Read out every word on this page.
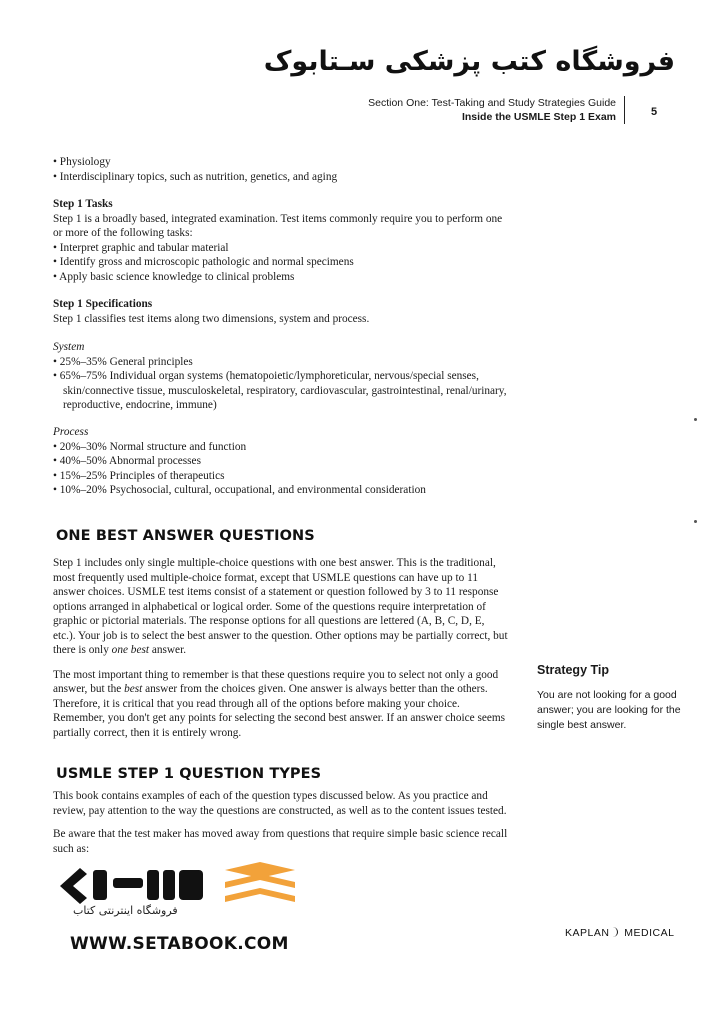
فروشگاه کتب پزشکی سـتابوک
Section One: Test-Taking and Study Strategies Guide
Inside the USMLE Step 1 Exam	5

• Physiology

• Interdisciplinary topics, such as nutrition, genetics, and aging

Step 1 Tasks

Step 1 is a broadly based, integrated examination. Test items commonly require you to perform one or more of the following tasks:

• Interpret graphic and tabular material

• Identify gross and microscopic pathologic and normal specimens

• Apply basic science knowledge to clinical problems

Step 1 Specifications

Step 1 classifies test items along two dimensions, system and process.

System

• 25%–35% General principles

• 65%–75% Individual organ systems (hematopoietic/lymphoreticular, nervous/special senses, skin/connective tissue, musculoskeletal, respiratory, cardiovascular, gastrointestinal, renal/urinary, reproductive, endocrine, immune)

Process

• 20%–30% Normal structure and function

• 40%–50% Abnormal processes

• 15%–25% Principles of therapeutics

• 10%–20% Psychosocial, cultural, occupational, and environmental consideration

ONE BEST ANSWER QUESTIONS

Step 1 includes only single multiple-choice questions with one best answer. This is the traditional, most frequently used multiple-choice format, except that USMLE questions can have up to 11 answer choices. USMLE test items consist of a statement or question followed by 3 to 11 response options arranged in alphabetical or logical order. Some of the questions require interpretation of graphic or pictorial materials. The response options for all questions are lettered (A, B, C, D, E, etc.). Your job is to select the best answer to the question. Other options may be partially correct, but there is only one best answer.

The most important thing to remember is that these questions require you to select not only a good answer, but the best answer from the choices given. One answer is always better than the others. Therefore, it is critical that you read through all of the options before making your choice. Remember, you don't get any points for selecting the second best answer. If an answer choice seems partially correct, then it is entirely wrong.

Strategy Tip
You are not looking for a good answer; you are looking for the single best answer.
USMLE STEP 1 QUESTION TYPES

This book contains examples of each of the question types discussed below. As you practice and review, pay attention to the way the questions are constructed, as well as to the content issues tested.

Be aware that the test maker has moved away from questions that require simple basic science recall such as:

فروشگاه اینترنتی کتاب
WWW.SETABOOK.COM
KAPLAN MEDICAL
